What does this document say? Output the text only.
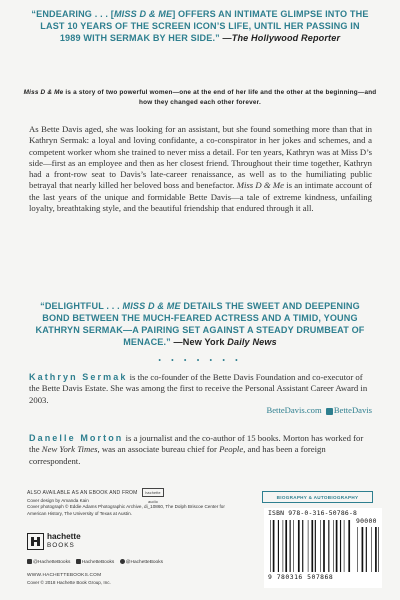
“ENDEARING . . . [MISS D & ME] OFFERS AN INTIMATE GLIMPSE INTO THE LAST 10 YEARS OF THE SCREEN ICON’S LIFE, UNTIL HER PASSING IN 1989 WITH SERMAK BY HER SIDE.” —The Hollywood Reporter
Miss D & Me is a story of two powerful women—one at the end of her life and the other at the beginning—and how they changed each other forever.
As Bette Davis aged, she was looking for an assistant, but she found something more than that in Kathryn Sermak: a loyal and loving confidante, a co-conspirator in her jokes and schemes, and a competent worker whom she trained to never miss a detail. For ten years, Kathryn was at Miss D’s side—first as an employee and then as her closest friend. Throughout their time together, Kathryn had a front-row seat to Davis’s late-career renaissance, as well as to the humiliating public betrayal that nearly killed her beloved boss and benefactor. Miss D & Me is an intimate account of the last years of the unique and formidable Bette Davis—a tale of extreme kindness, unfailing loyalty, breathtaking style, and the beautiful friendship that endured through it all.
“DELIGHTFUL . . . MISS D & ME DETAILS THE SWEET AND DEEPENING BOND BETWEEN THE MUCH-FEARED ACTRESS AND A TIMID, YOUNG KATHRYN SERMAK—A PAIRING SET AGAINST A STEADY DRUMBEAT OF MENACE.” —New York Daily News
• • • • • • •
Kathryn Sermak is the co-founder of the Bette Davis Foundation and co-executor of the Bette Davis Estate. She was among the first to receive the Personal Assistant Career Award in 2003.
BetteDavis.com BetteDavis
Danelle Morton is a journalist and the co-author of 15 books. Morton has worked for the New York Times, was an associate bureau chief for People, and has been a foreign correspondent.
ALSO AVAILABLE AS AN EBOOK AND FROM hachette audio
Cover design by Amanda Kain
Cover photograph © Eddie Adams Photographic Archive, di_10860, The Dolph Briscoe Center for American History, The University of Texas at Austin.
hachette
BOOKS
@HachetteBooks HachetteBooks @HachetteBooks
WWW.HACHETTEBOOKS.COM
Cover © 2018 Hachette Book Group, Inc.
BIOGRAPHY & AUTOBIOGRAPHY
ISBN 978-0-316-50786-8
90000
9 780316 507868
